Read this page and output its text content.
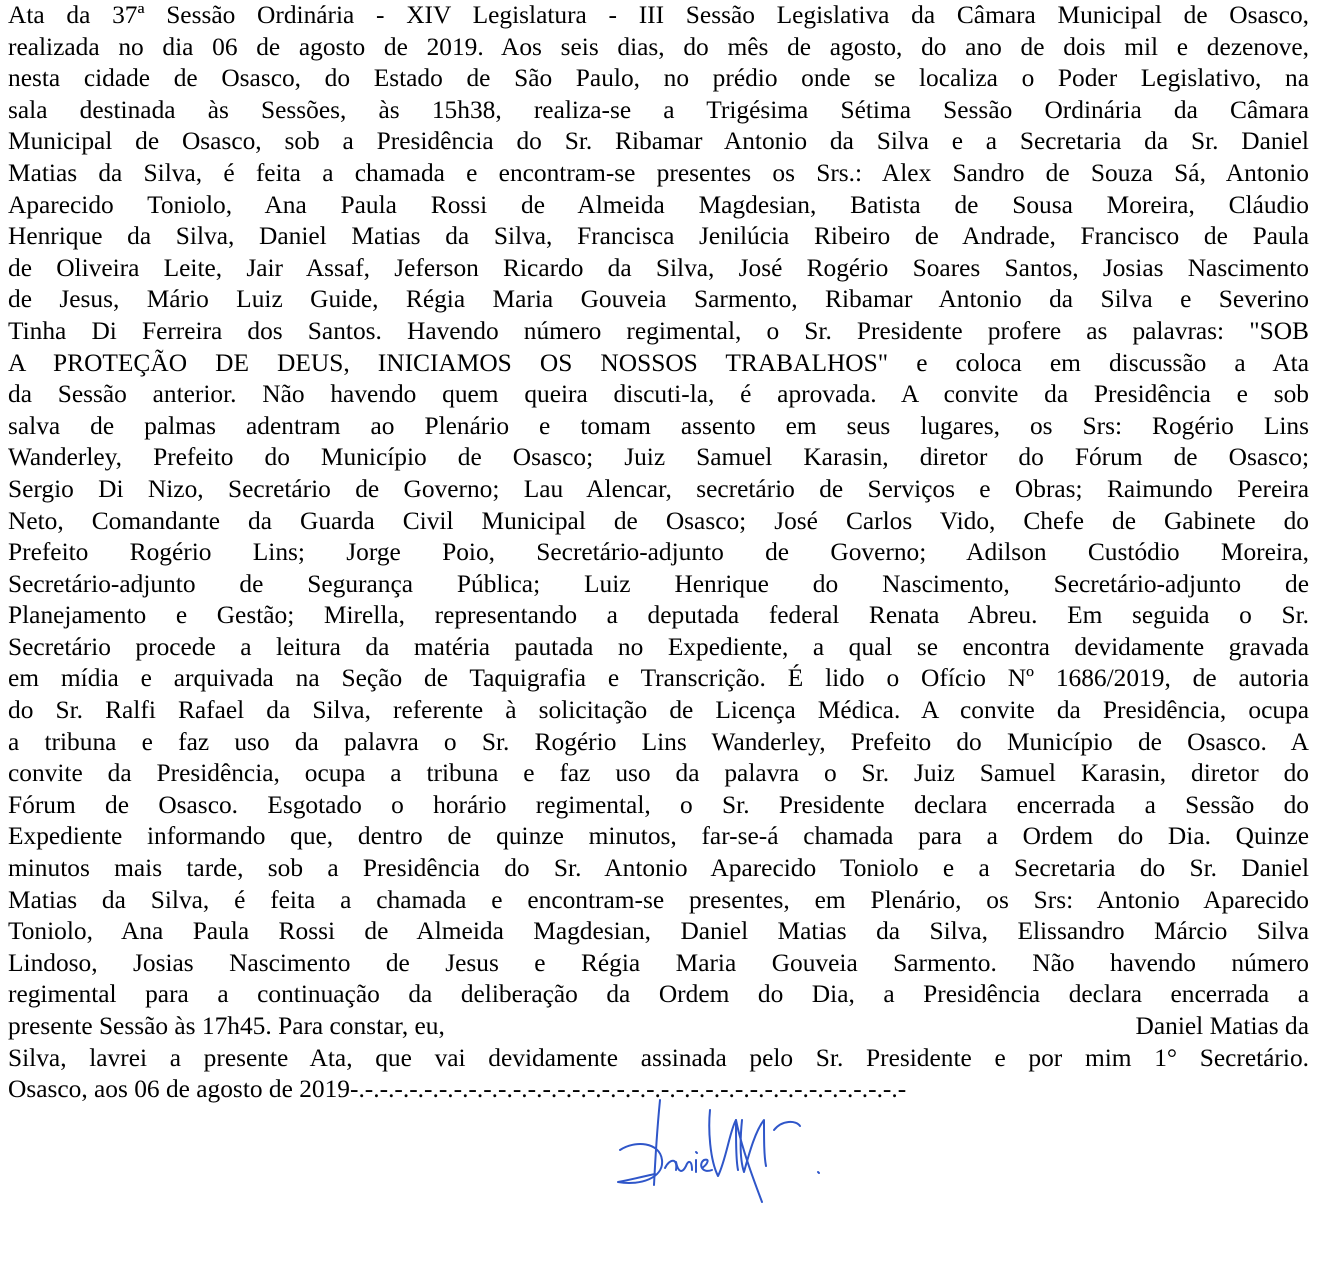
Ata da 37ª Sessão Ordinária - XIV Legislatura - III Sessão Legislativa da Câmara Municipal de Osasco,
realizada no dia 06 de agosto de 2019. Aos seis dias, do mês de agosto, do ano de dois mil e dezenove,
nesta cidade de Osasco, do Estado de São Paulo, no prédio onde se localiza o Poder Legislativo, na
sala destinada às Sessões, às 15h38, realiza-se a Trigésima Sétima Sessão Ordinária da Câmara
Municipal de Osasco, sob a Presidência do Sr. Ribamar Antonio da Silva e a Secretaria da Sr. Daniel
Matias da Silva, é feita a chamada e encontram-se presentes os Srs.: Alex Sandro de Souza Sá, Antonio
Aparecido Toniolo, Ana Paula Rossi de Almeida Magdesian, Batista de Sousa Moreira, Cláudio
Henrique da Silva, Daniel Matias da Silva, Francisca Jenilúcia Ribeiro de Andrade, Francisco de Paula
de Oliveira Leite, Jair Assaf, Jeferson Ricardo da Silva, José Rogério Soares Santos, Josias Nascimento
de Jesus, Mário Luiz Guide, Régia Maria Gouveia Sarmento, Ribamar Antonio da Silva e Severino
Tinha Di Ferreira dos Santos. Havendo número regimental, o Sr. Presidente profere as palavras: "SOB
A PROTEÇÃO DE DEUS, INICIAMOS OS NOSSOS TRABALHOS" e coloca em discussão a Ata
da Sessão anterior. Não havendo quem queira discuti-la, é aprovada. A convite da Presidência e sob
salva de palmas adentram ao Plenário e tomam assento em seus lugares, os Srs: Rogério Lins
Wanderley, Prefeito do Município de Osasco; Juiz Samuel Karasin, diretor do Fórum de Osasco;
Sergio Di Nizo, Secretário de Governo; Lau Alencar, secretário de Serviços e Obras; Raimundo Pereira
Neto, Comandante da Guarda Civil Municipal de Osasco; José Carlos Vido, Chefe de Gabinete do
Prefeito Rogério Lins; Jorge Poio, Secretário-adjunto de Governo; Adilson Custódio Moreira,
Secretário-adjunto de Segurança Pública; Luiz Henrique do Nascimento, Secretário-adjunto de
Planejamento e Gestão; Mirella, representando a deputada federal Renata Abreu. Em seguida o Sr.
Secretário procede a leitura da matéria pautada no Expediente, a qual se encontra devidamente gravada
em mídia e arquivada na Seção de Taquigrafia e Transcrição. É lido o Ofício Nº 1686/2019, de autoria
do Sr. Ralfi Rafael da Silva, referente à solicitação de Licença Médica. A convite da Presidência, ocupa
a tribuna e faz uso da palavra o Sr. Rogério Lins Wanderley, Prefeito do Município de Osasco. A
convite da Presidência, ocupa a tribuna e faz uso da palavra o Sr. Juiz Samuel Karasin, diretor do
Fórum de Osasco. Esgotado o horário regimental, o Sr. Presidente declara encerrada a Sessão do
Expediente informando que, dentro de quinze minutos, far-se-á chamada para a Ordem do Dia. Quinze
minutos mais tarde, sob a Presidência do Sr. Antonio Aparecido Toniolo e a Secretaria do Sr. Daniel
Matias da Silva, é feita a chamada e encontram-se presentes, em Plenário, os Srs: Antonio Aparecido
Toniolo, Ana Paula Rossi de Almeida Magdesian, Daniel Matias da Silva, Elissandro Márcio Silva
Lindoso, Josias Nascimento de Jesus e Régia Maria Gouveia Sarmento. Não havendo número
regimental para a continuação da deliberação da Ordem do Dia, a Presidência declara encerrada a
presente Sessão às 17h45. Para constar, eu,	Daniel Matias da
Silva, lavrei a presente Ata, que vai devidamente assinada pelo Sr. Presidente e por mim 1° Secretário.
Osasco, aos 06 de agosto de 2019-.-.-.-.-.-.-.-.-.-.-.-.-.-.-.-.-.-.-.-.-.-.-.-.-.-.-.-.-.-.-.-.-.-.-.-.-.-
